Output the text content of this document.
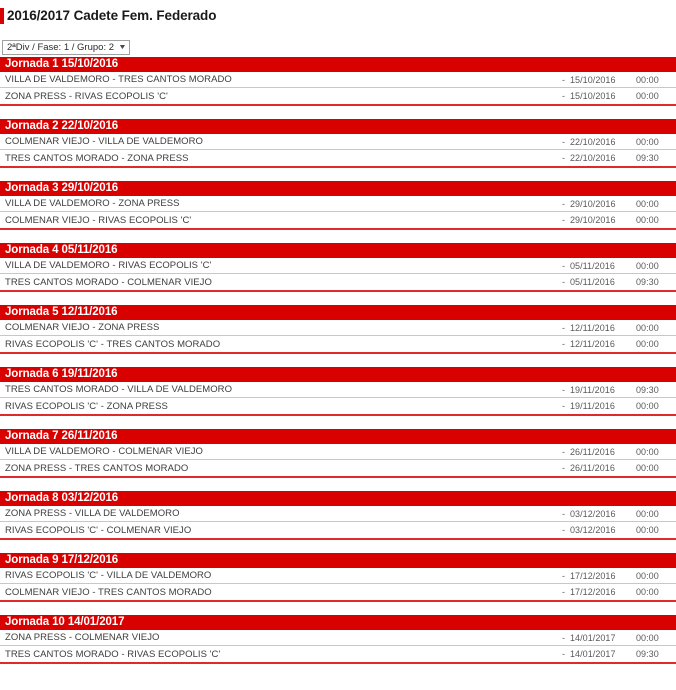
2016/2017 Cadete Fem. Federado
2ªDiv / Fase: 1 / Grupo: 2 ▼
Jornada 1 15/10/2016
VILLA DE VALDEMORO - TRES CANTOS MORADO	- 15/10/2016	00:00
ZONA PRESS - RIVAS ECOPOLIS 'C'	- 15/10/2016	00:00
Jornada 2 22/10/2016
COLMENAR VIEJO - VILLA DE VALDEMORO	- 22/10/2016	00:00
TRES CANTOS MORADO - ZONA PRESS	- 22/10/2016	09:30
Jornada 3 29/10/2016
VILLA DE VALDEMORO - ZONA PRESS	- 29/10/2016	00:00
COLMENAR VIEJO - RIVAS ECOPOLIS 'C'	- 29/10/2016	00:00
Jornada 4 05/11/2016
VILLA DE VALDEMORO - RIVAS ECOPOLIS 'C'	- 05/11/2016	00:00
TRES CANTOS MORADO - COLMENAR VIEJO	- 05/11/2016	09:30
Jornada 5 12/11/2016
COLMENAR VIEJO - ZONA PRESS	- 12/11/2016	00:00
RIVAS ECOPOLIS 'C' - TRES CANTOS MORADO	- 12/11/2016	00:00
Jornada 6 19/11/2016
TRES CANTOS MORADO - VILLA DE VALDEMORO	- 19/11/2016	09:30
RIVAS ECOPOLIS 'C' - ZONA PRESS	- 19/11/2016	00:00
Jornada 7 26/11/2016
VILLA DE VALDEMORO - COLMENAR VIEJO	- 26/11/2016	00:00
ZONA PRESS - TRES CANTOS MORADO	- 26/11/2016	00:00
Jornada 8 03/12/2016
ZONA PRESS - VILLA DE VALDEMORO	- 03/12/2016	00:00
RIVAS ECOPOLIS 'C' - COLMENAR VIEJO	- 03/12/2016	00:00
Jornada 9 17/12/2016
RIVAS ECOPOLIS 'C' - VILLA DE VALDEMORO	- 17/12/2016	00:00
COLMENAR VIEJO - TRES CANTOS MORADO	- 17/12/2016	00:00
Jornada 10 14/01/2017
ZONA PRESS - COLMENAR VIEJO	- 14/01/2017	00:00
TRES CANTOS MORADO - RIVAS ECOPOLIS 'C'	- 14/01/2017	09:30
